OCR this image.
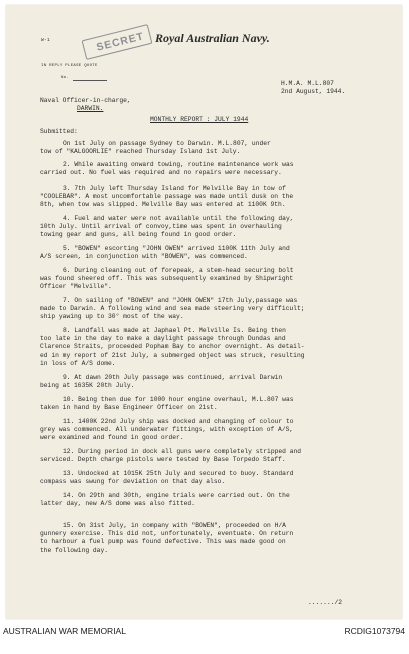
W-1	SECRET Royal Australian Navy.
IN REPLY PLEASE QUOTE
No.
H.M.A. M.L.807
2nd August, 1944.
Naval Officer-in-charge,
DARWIN.
MONTHLY REPORT : JULY 1944
Submitted:
On 1st July on passage Sydney to Darwin. M.L.807, under
tow of "KALGOORLIE" reached Thursday Island 1st July.
2. While awaiting onward towing, routine maintenance work was
carried out. No fuel was required and no repairs were necessary.
3. 7th July left Thursday Island for Melville Bay in tow of
"COOLEBAR". A most uncomfortable passage was made until dusk on the
8th, when tow was slipped. Melville Bay was entered at 1100K 9th.
4. Fuel and water were not available until the following day,
10th July. Until arrival of convoy,time was spent in overhauling
towing gear and guns, all being found in good order.
5. "BOWEN" escorting "JOHN OWEN" arrived 1100K 11th July and
A/S screen, in conjunction with "BOWEN", was commenced.
6. During cleaning out of forepeak, a stem-head securing bolt
was found sheered off. This was subsequently examined by Shipwright
Officer "Melville".
7. On sailing of "BOWEN" and "JOHN OWEN" 17th July,passage was
made to Darwin. A following wind and sea made steering very difficult;
ship yawing up to 30° most of the way.
8. Landfall was made at Japhael Pt. Melville Is. Being then
too late in the day to make a daylight passage through Dundas and
Clarence Straits, proceeded Popham Bay to anchor overnight. As detail-
ed in my report of 21st July, a submerged object was struck, resulting
in loss of A/S dome.
9. At dawn 20th July passage was continued, arrival Darwin
being at 1635K 20th July.
10. Being then due for 1000 hour engine overhaul, M.L.807 was
taken in hand by Base Engineer Officer on 21st.
11. 1400K 22nd July ship was docked and changing of colour to
grey was commenced. All underwater fittings, with exception of A/S,
were examined and found in good order.
12. During period in dock all guns were completely stripped and
serviced. Depth charge pistols were tested by Base Torpedo Staff.
13. Undocked at 1015K 25th July and secured to buoy. Standard
compass was swung for deviation on that day also.
14. On 29th and 30th, engine trials were carried out. On the
latter day, new A/S dome was also fitted.
15. On 31st July, in company with "BOWEN", proceeded on H/A
gunnery exercise. This did not, unfortunately, eventuate. On return
to harbour a fuel pump was found defective. This was made good on
the following day.
......./2
AUSTRALIAN WAR MEMORIAL	RCDIG1073794
